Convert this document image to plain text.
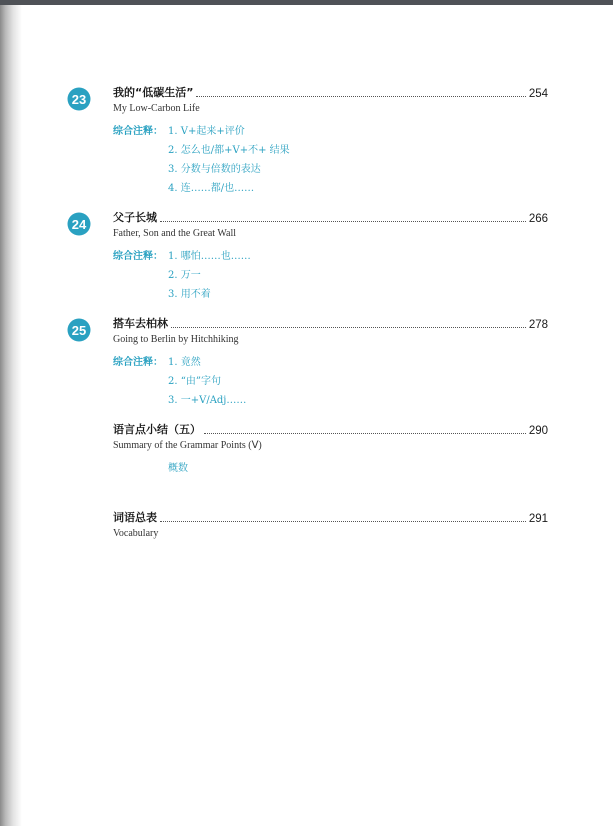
23 我的“低碳生活”	254
My Low-Carbon Life
综合注释： 1. V+起来+评价
2. 怎么也/都+V+不+ 结果
3. 分数与倍数的表达
4. 连……都/也……
24 父子长城	266
Father, Son and the Great Wall
综合注释： 1. 哪怕……也……
2. 万一
3. 用不着
25 搭车去柏林	278
Going to Berlin by Hitchhiking
综合注释： 1. 竟然
2. “由”字句
3. 一+V/Adj……
语言点小结（五）	290
Summary of the Grammar Points (Ⅴ)
概数
词语总表	291
Vocabulary
